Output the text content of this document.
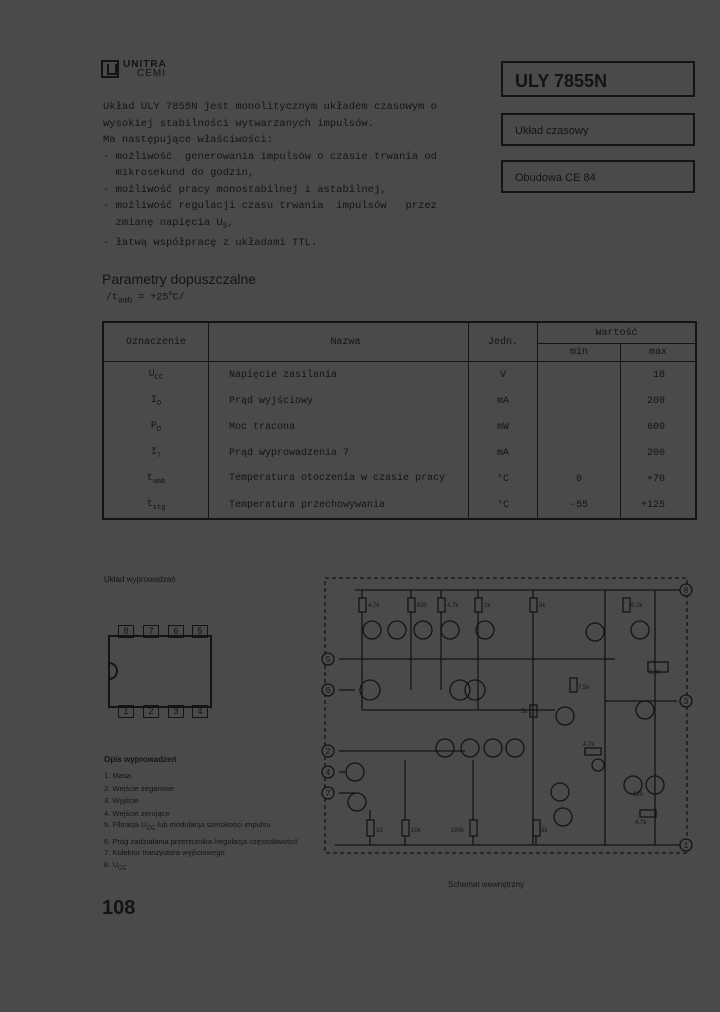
UNITRA
CEMI	ULY 7855N
Układ czasowy
Obudowa CE 84
Układ ULY 7855N jest monolitycznym układem czasowym o
wysokiej stabilności wytwarzanych impulsów.
Ma następujące właściwości:
- możliwość  generowania impulsów o czasie trwania od
mikrosekund do godzin,
- możliwość pracy monostabilnej i astabilnej,
- możliwość regulacji czasu trwania  impulsów   przez
zmianę napięcia $U_5$,
- łatwą współpracę z układami TTL.
Parametry dopuszczalne
$/t_{amb} = +25^oC/$
Oznaczenie	Nazwa	Jedn.	Wartość	
			min	max
$U_{CC}$	Napięcie zasilania	V		18
$I_O$	Prąd wyjściowy	mA		200
$P_D$	Moc tracona	mW		600
$I_7$	Prąd wyprowadzenia 7	mA		200
$t_{amb}$	Temperatura otoczenia w czasie pracy	°C	0	+70
$t_{stg}$	Temperatura przechowywania	°C	-55	+125
Układ wyprowadzeń
8	7	6	5
1	2	3	4
Opis wyprowadzeń
1. Masa
2. Wejście zegarowe
3. Wyjście
4. Wejście zerujące
5. Filtracja $U_{CC}$ lub modulacja szerokości impulsu
6. Próg zadziałania przerzutnika /regulacja częstotliwości/
7. Kolektor tranzystora wyjściowego
8. $U_{CC}$
8
5
6
3
2
4
7
1
4,7k	830	4,7k	1k	5k	6,2k
3,9k
7,5k
5k
4,7k
220
4,7k
10	10k	100k	5k
Schemat wewnętrzny
108
